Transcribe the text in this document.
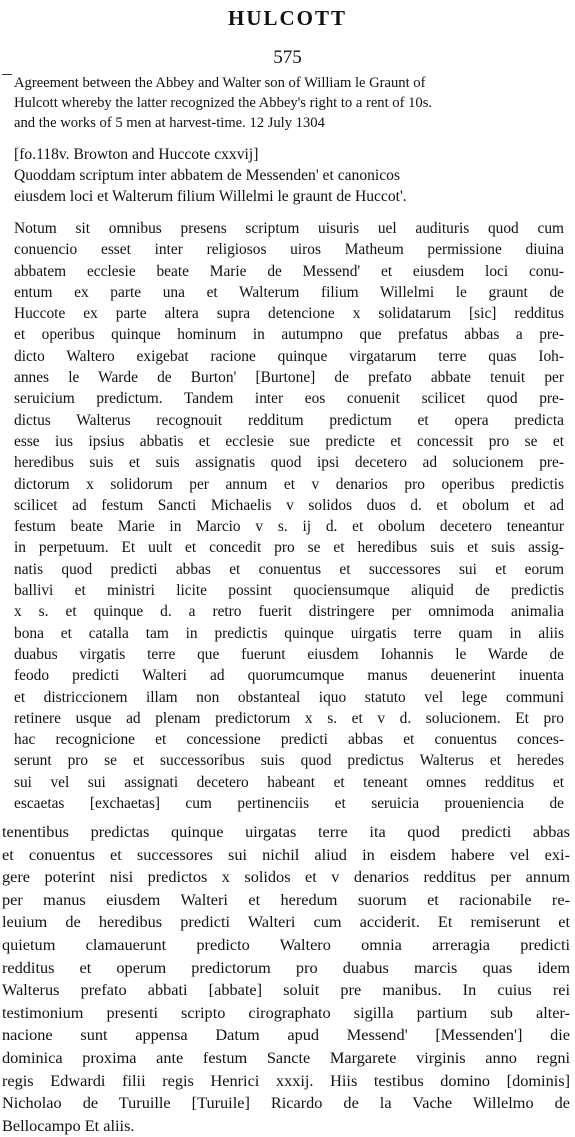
HULCOTT
575
Agreement between the Abbey and Walter son of William le Graunt of
Hulcott whereby the latter recognized the Abbey's right to a rent of 10s.
and the works of 5 men at harvest-time. 12 July 1304
[fo.118v. Browton and Huccote cxxvij]
Quoddam scriptum inter abbatem de Messenden' et canonicos
eiusdem loci et Walterum filium Willelmi le graunt de Huccot'.
Notum sit omnibus presens scriptum uisuris uel audituris quod cum
conuencio esset inter religiosos uiros Matheum permissione diuina
abbatem ecclesie beate Marie de Messend' et eiusdem loci conu-
entum ex parte una et Walterum filium Willelmi le graunt de
Huccote ex parte altera supra detencione x solidatarum [sic] redditus
et operibus quinque hominum in autumpno que prefatus abbas a pre-
dicto Waltero exigebat racione quinque virgatarum terre quas Ioh-
annes le Warde de Burton' [Burtone] de prefato abbate tenuit per
seruicium predictum. Tandem inter eos conuenit scilicet quod pre-
dictus Walterus recognouit redditum predictum et opera predicta
esse ius ipsius abbatis et ecclesie sue predicte et concessit pro se et
heredibus suis et suis assignatis quod ipsi decetero ad solucionem pre-
dictorum x solidorum per annum et v denarios pro operibus predictis
scilicet ad festum Sancti Michaelis v solidos duos d. et obolum et ad
festum beate Marie in Marcio v s. ij d. et obolum decetero teneantur
in perpetuum. Et uult et concedit pro se et heredibus suis et suis assig-
natis quod predicti abbas et conuentus et successores sui et eorum
ballivi et ministri licite possint quociensumque aliquid de predictis
x s. et quinque d. a retro fuerit distringere per omnimoda animalia
bona et catalla tam in predictis quinque uirgatis terre quam in aliis
duabus virgatis terre que fuerunt eiusdem Iohannis le Warde de
feodo predicti Walteri ad quorumcumque manus deuenerint inuenta
et districcionem illam non obstanteal iquo statuto vel lege communi
retinere usque ad plenam predictorum x s. et v d. solucionem. Et pro
hac recognicione et concessione predicti abbas et conuentus conces-
serunt pro se et successoribus suis quod predictus Walterus et heredes
sui vel sui assignati decetero habeant et teneant omnes redditus et
escaetas [exchaetas] cum pertinenciis et seruicia proueniencia de
tenentibus predictas quinque uirgatas terre ita quod predicti abbas
et conuentus et successores sui nichil aliud in eisdem habere vel exi-
gere poterint nisi predictos x solidos et v denarios redditus per annum
per manus eiusdem Walteri et heredum suorum et racionabile re-
leuium de heredibus predicti Walteri cum acciderit. Et remiserunt et
quietum clamauerunt predicto Waltero omnia arreragia predicti
redditus et operum predictorum pro duabus marcis quas idem
Walterus prefato abbati [abbate] soluit pre manibus. In cuius rei
testimonium presenti scripto cirographato sigilla partium sub alter-
nacione sunt appensa Datum apud Messend' [Messenden'] die
dominica proxima ante festum Sancte Margarete virginis anno regni
regis Edwardi filii regis Henrici xxxij. Hiis testibus domino [dominis]
Nicholao de Turuille [Turuile] Ricardo de la Vache Willelmo de
Bellocampo Et aliis.
